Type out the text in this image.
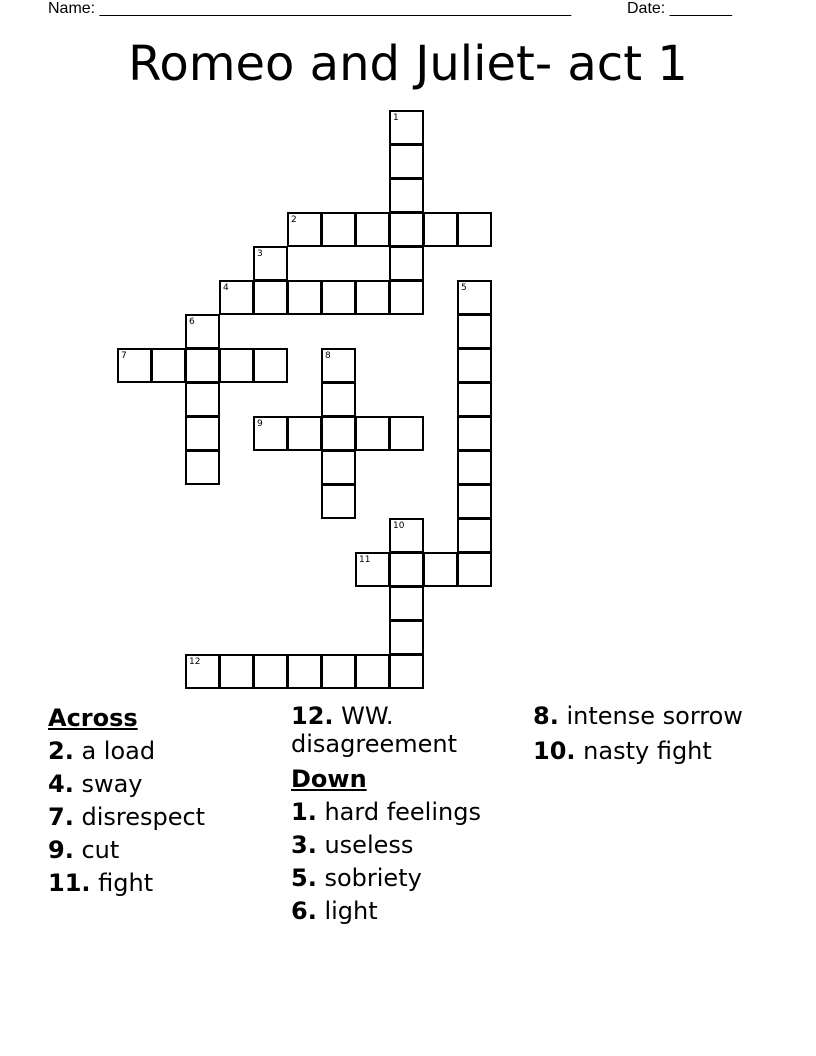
Name: _____________________________________________________	Date: _______
Romeo and Juliet- act 1
1
2
3
4	5
6
7	8
9
10
11
12
Across
2. a load
4. sway
7. disrespect
9. cut
11. fight
12. WW. disagreement
Down
1. hard feelings
3. useless
5. sobriety
6. light
8. intense sorrow
10. nasty fight
